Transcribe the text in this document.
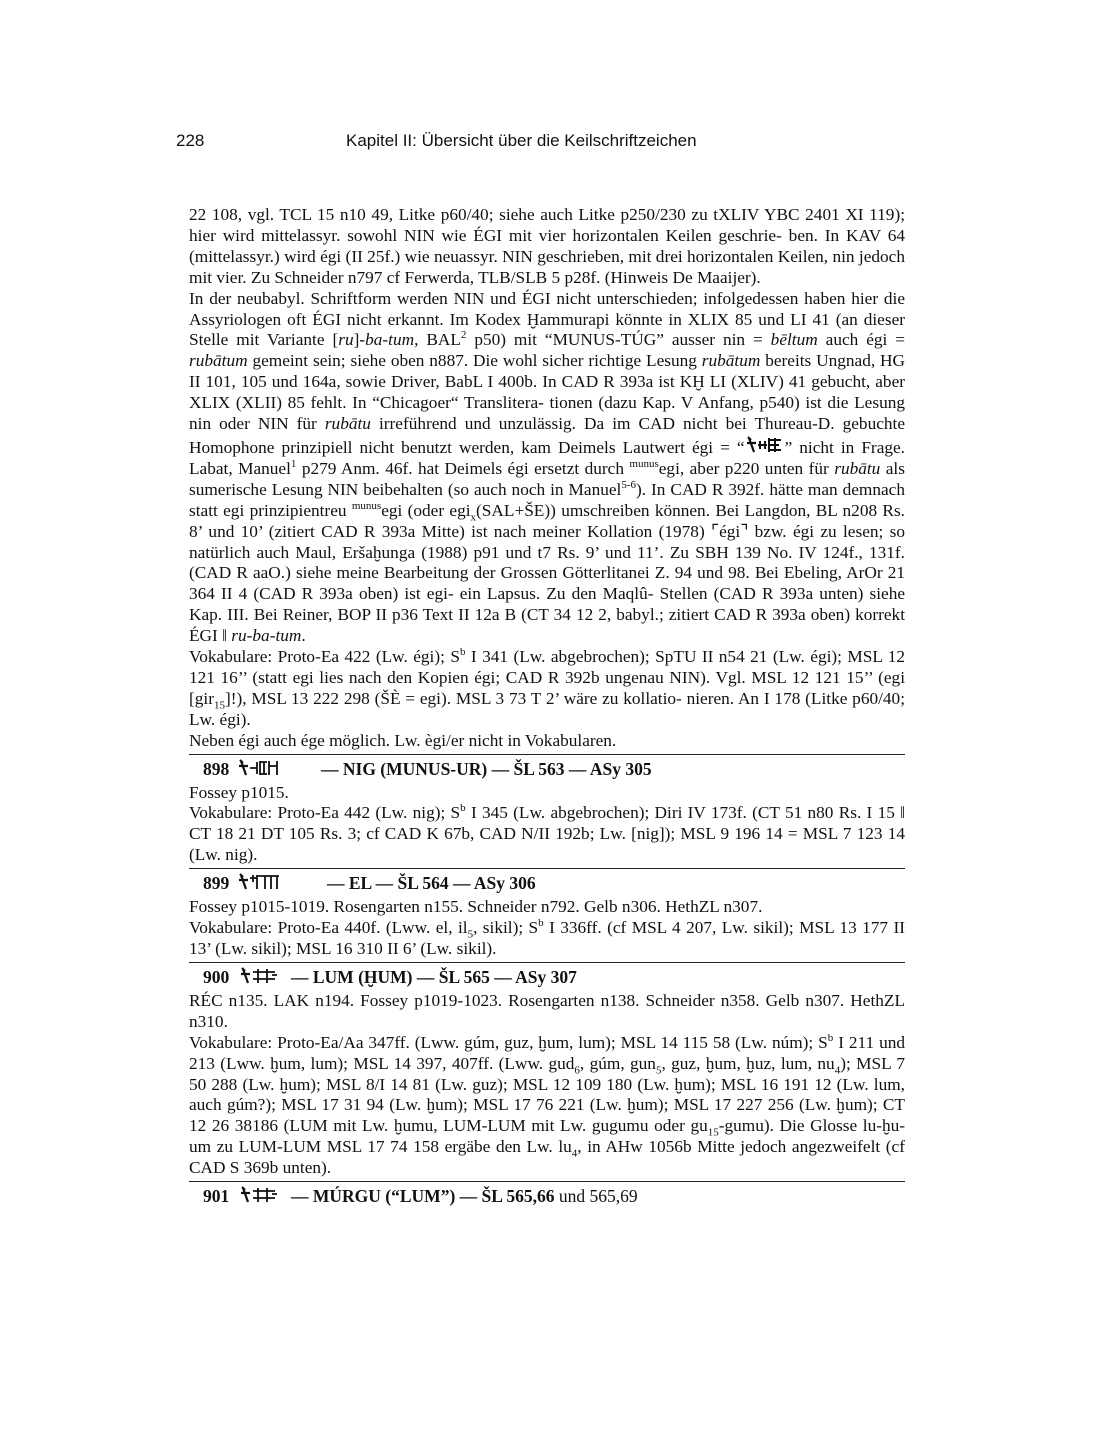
228	Kapitel II: Übersicht über die Keilschriftzeichen

22 108, vgl. TCL 15 n10 49, Litke p60/40; siehe auch Litke p250/230 zu tXLIV YBC 2401 XI 119); hier wird mittelassyr. sowohl NIN wie ÉGI mit vier horizontalen Keilen geschrie- ben. In KAV 64 (mittelassyr.) wird égi (II 25f.) wie neuassyr. NIN geschrieben, mit drei horizontalen Keilen, nin jedoch mit vier. Zu Schneider n797 cf Ferwerda, TLB/SLB 5 p28f. (Hinweis De Maaijer).

In der neubabyl. Schriftform werden NIN und ÉGI nicht unterschieden; infolgedessen haben hier die Assyriologen oft ÉGI nicht erkannt. Im Kodex Ḫammurapi könnte in XLIX 85 und LI 41 (an dieser Stelle mit Variante [ru]-ba-tum, BAL$^2$ p50) mit “MUNUS-TÚG” ausser nin = bēltum auch égi = rubātum gemeint sein; siehe oben n887. Die wohl sicher richtige Lesung rubātum bereits Ungnad, HG II 101, 105 und 164a, sowie Driver, BabL I 400b. In CAD R 393a ist KḪ LI (XLIV) 41 gebucht, aber XLIX (XLII) 85 fehlt. In “Chicagoer“ Translitera- tionen (dazu Kap. V Anfang, p540) ist die Lesung nin oder NIN für rubātu irreführend und unzulässig. Da im CAD nicht bei Thureau-D. gebuchte Homophone prinzipiell nicht benutzt werden, kam Deimels Lautwert égi = “ ” nicht in Frage. Labat, Manuel$^1$ p279 Anm. 46f. hat Deimels égi ersetzt durch $^{munus}$egi, aber p220 unten für rubātu als sumerische Lesung NIN beibehalten (so auch noch in Manuel$^{5-6}$). In CAD R 392f. hätte man demnach statt egi prinzipientreu $^{munus}$egi (oder egi$_x$(SAL+ŠE)) umschreiben können. Bei Langdon, BL n208 Rs. 8’ und 10’ (zitiert CAD R 393a Mitte) ist nach meiner Kollation (1978) ⌜égi⌝ bzw. égi zu lesen; so natürlich auch Maul, Eršaḫunga (1988) p91 und t7 Rs. 9’ und 11’. Zu SBH 139 No. IV 124f., 131f. (CAD R aaO.) siehe meine Bearbeitung der Grossen Götterlitanei Z. 94 und 98. Bei Ebeling, ArOr 21 364 II 4 (CAD R 393a oben) ist egi- ein Lapsus. Zu den Maqlû- Stellen (CAD R 393a unten) siehe Kap. III. Bei Reiner, BOP II p36 Text II 12a B (CT 34 12 2, babyl.; zitiert CAD R 393a oben) korrekt ÉGI ǁ ru-ba-tum.

Vokabulare: Proto-Ea 422 (Lw. égi); $S^b$ I 341 (Lw. abgebrochen); SpTU II n54 21 (Lw. égi); MSL 12 121 16’’ (statt egi lies nach den Kopien égi; CAD R 392b ungenau NIN). Vgl. MSL 12 121 15’’ (egi [gir$_{15}$]!), MSL 13 222 298 (ŠÈ = egi). MSL 3 73 T 2’ wäre zu kollatio- nieren. An I 178 (Litke p60/40; Lw. égi).

Neben égi auch ége möglich. Lw. ègi/er nicht in Vokabularen.

898	— NIG (MUNUS-UR) — ŠL 563 — ASy 305

Fossey p1015.

Vokabulare: Proto-Ea 442 (Lw. nig); $S^b$ I 345 (Lw. abgebrochen); Diri IV 173f. (CT 51 n80 Rs. I 15 ǁ CT 18 21 DT 105 Rs. 3; cf CAD K 67b, CAD N/II 192b; Lw. [nig]); MSL 9 196 14 = MSL 7 123 14 (Lw. nig).

899	— EL — ŠL 564 — ASy 306

Fossey p1015-1019. Rosengarten n155. Schneider n792. Gelb n306. HethZL n307.

Vokabulare: Proto-Ea 440f. (Lww. el, $il_5$, sikil); $S^b$ I 336ff. (cf MSL 4 207, Lw. sikil); MSL 13 177 II 13’ (Lw. sikil); MSL 16 310 II 6’ (Lw. sikil).

900	— LUM (ḪUM) — ŠL 565 — ASy 307

RÉC n135. LAK n194. Fossey p1019-1023. Rosengarten n138. Schneider n358. Gelb n307. HethZL n310.

Vokabulare: Proto-Ea/Aa 347ff. (Lww. gúm, guz, ḫum, lum); MSL 14 115 58 (Lw. núm); $S^b$ I 211 und 213 (Lww. ḫum, lum); MSL 14 397, 407ff. (Lww. gud$_6$, gúm, gun$_5$, guz, ḫum, ḫuz, lum, $nu_4$); MSL 7 50 288 (Lw. ḫum); MSL 8/I 14 81 (Lw. guz); MSL 12 109 180 (Lw. ḫum); MSL 16 191 12 (Lw. lum, auch gúm?); MSL 17 31 94 (Lw. ḫum); MSL 17 76 221 (Lw. ḫum); MSL 17 227 256 (Lw. ḫum); CT 12 26 38186 (LUM mit Lw. ḫumu, LUM-LUM mit Lw. gugumu oder $gu_{15}-gumu$). Die Glosse lu-ḫu-um zu LUM-LUM MSL 17 74 158 ergäbe den Lw. $lu_4$, in AHw 1056b Mitte jedoch angezweifelt (cf CAD S 369b unten).

901	— MÚRGU (“LUM”) — ŠL 565,66 und 565,69
